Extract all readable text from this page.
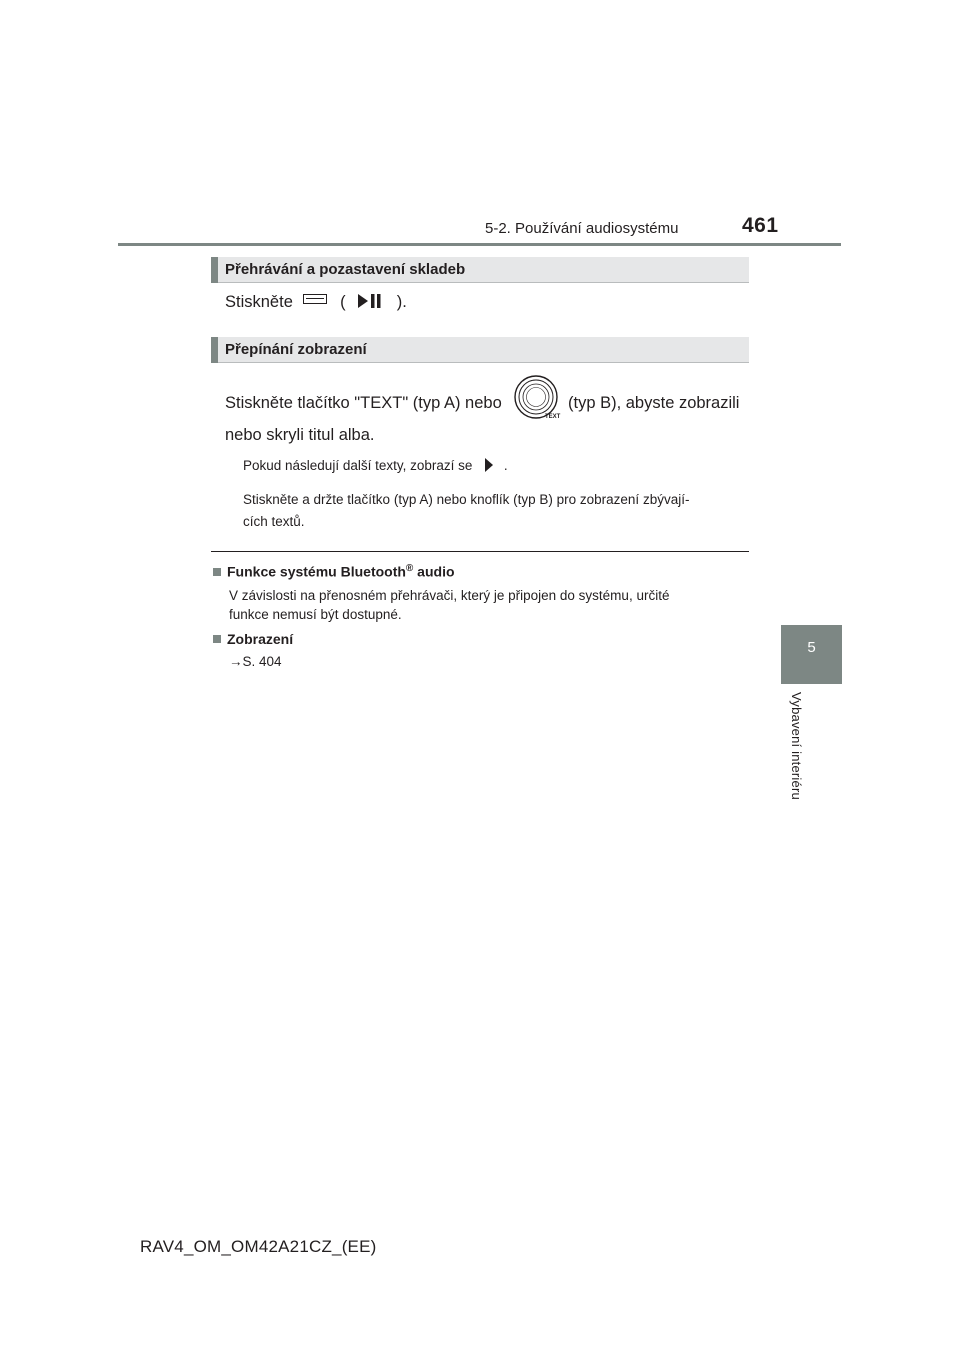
5-2. Používání audiosystému	461
5
Vybavení interiéru
Přehrávání a pozastavení skladeb
Stiskněte	(	).
Přepínání zobrazení
Stiskněte tlačítko "TEXT" (typ A) nebo
TEXT
(typ B), abyste zobrazili
nebo skryli titul alba.
Pokud následují další texty, zobrazí se .
Stiskněte a držte tlačítko (typ A) nebo knoflík (typ B) pro zobrazení zbývají-
cích textů.
Funkce systému Bluetooth® audio
V závislosti na přenosném přehrávači, který je připojen do systému, určité
funkce nemusí být dostupné.
Zobrazení
→S. 404
RAV4_OM_OM42A21CZ_(EE)
